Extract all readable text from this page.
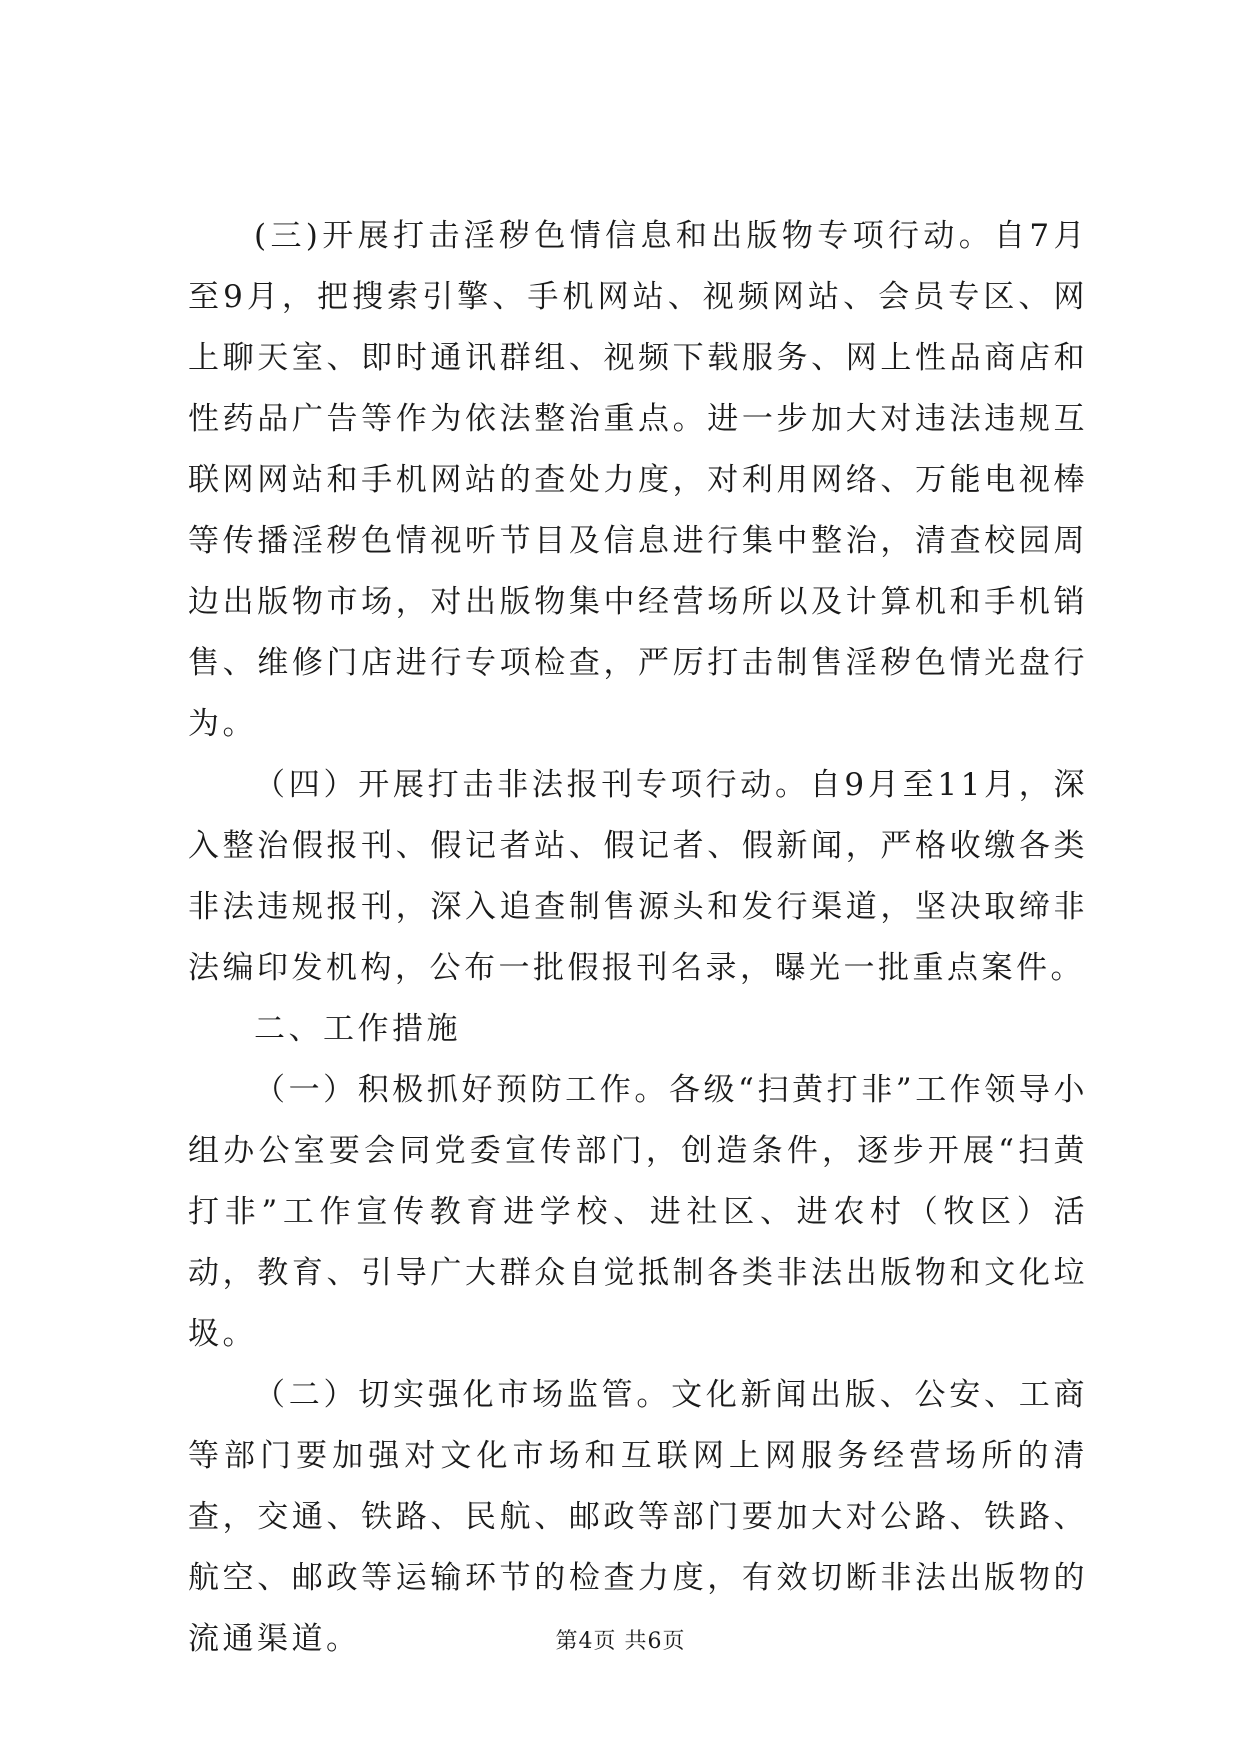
(三)开展打击淫秽色情信息和出版物专项行动。自7月至9月，把搜索引擎、手机网站、视频网站、会员专区、网上聊天室、即时通讯群组、视频下载服务、网上性品商店和性药品广告等作为依法整治重点。进一步加大对违法违规互联网网站和手机网站的查处力度，对利用网络、万能电视棒等传播淫秽色情视听节目及信息进行集中整治，清查校园周边出版物市场，对出版物集中经营场所以及计算机和手机销售、维修门店进行专项检查，严厉打击制售淫秽色情光盘行为。

（四）开展打击非法报刊专项行动。自9月至11月，深入整治假报刊、假记者站、假记者、假新闻，严格收缴各类非法违规报刊，深入追查制售源头和发行渠道，坚决取缔非法编印发机构，公布一批假报刊名录，曝光一批重点案件。

二、工作措施

（一）积极抓好预防工作。各级“扫黄打非”工作领导小组办公室要会同党委宣传部门，创造条件，逐步开展“扫黄打非”工作宣传教育进学校、进社区、进农村（牧区）活动，教育、引导广大群众自觉抵制各类非法出版物和文化垃圾。

（二）切实强化市场监管。文化新闻出版、公安、工商等部门要加强对文化市场和互联网上网服务经营场所的清查，交通、铁路、民航、邮政等部门要加大对公路、铁路、航空、邮政等运输环节的检查力度，有效切断非法出版物的流通渠道。	第4页 共6页
